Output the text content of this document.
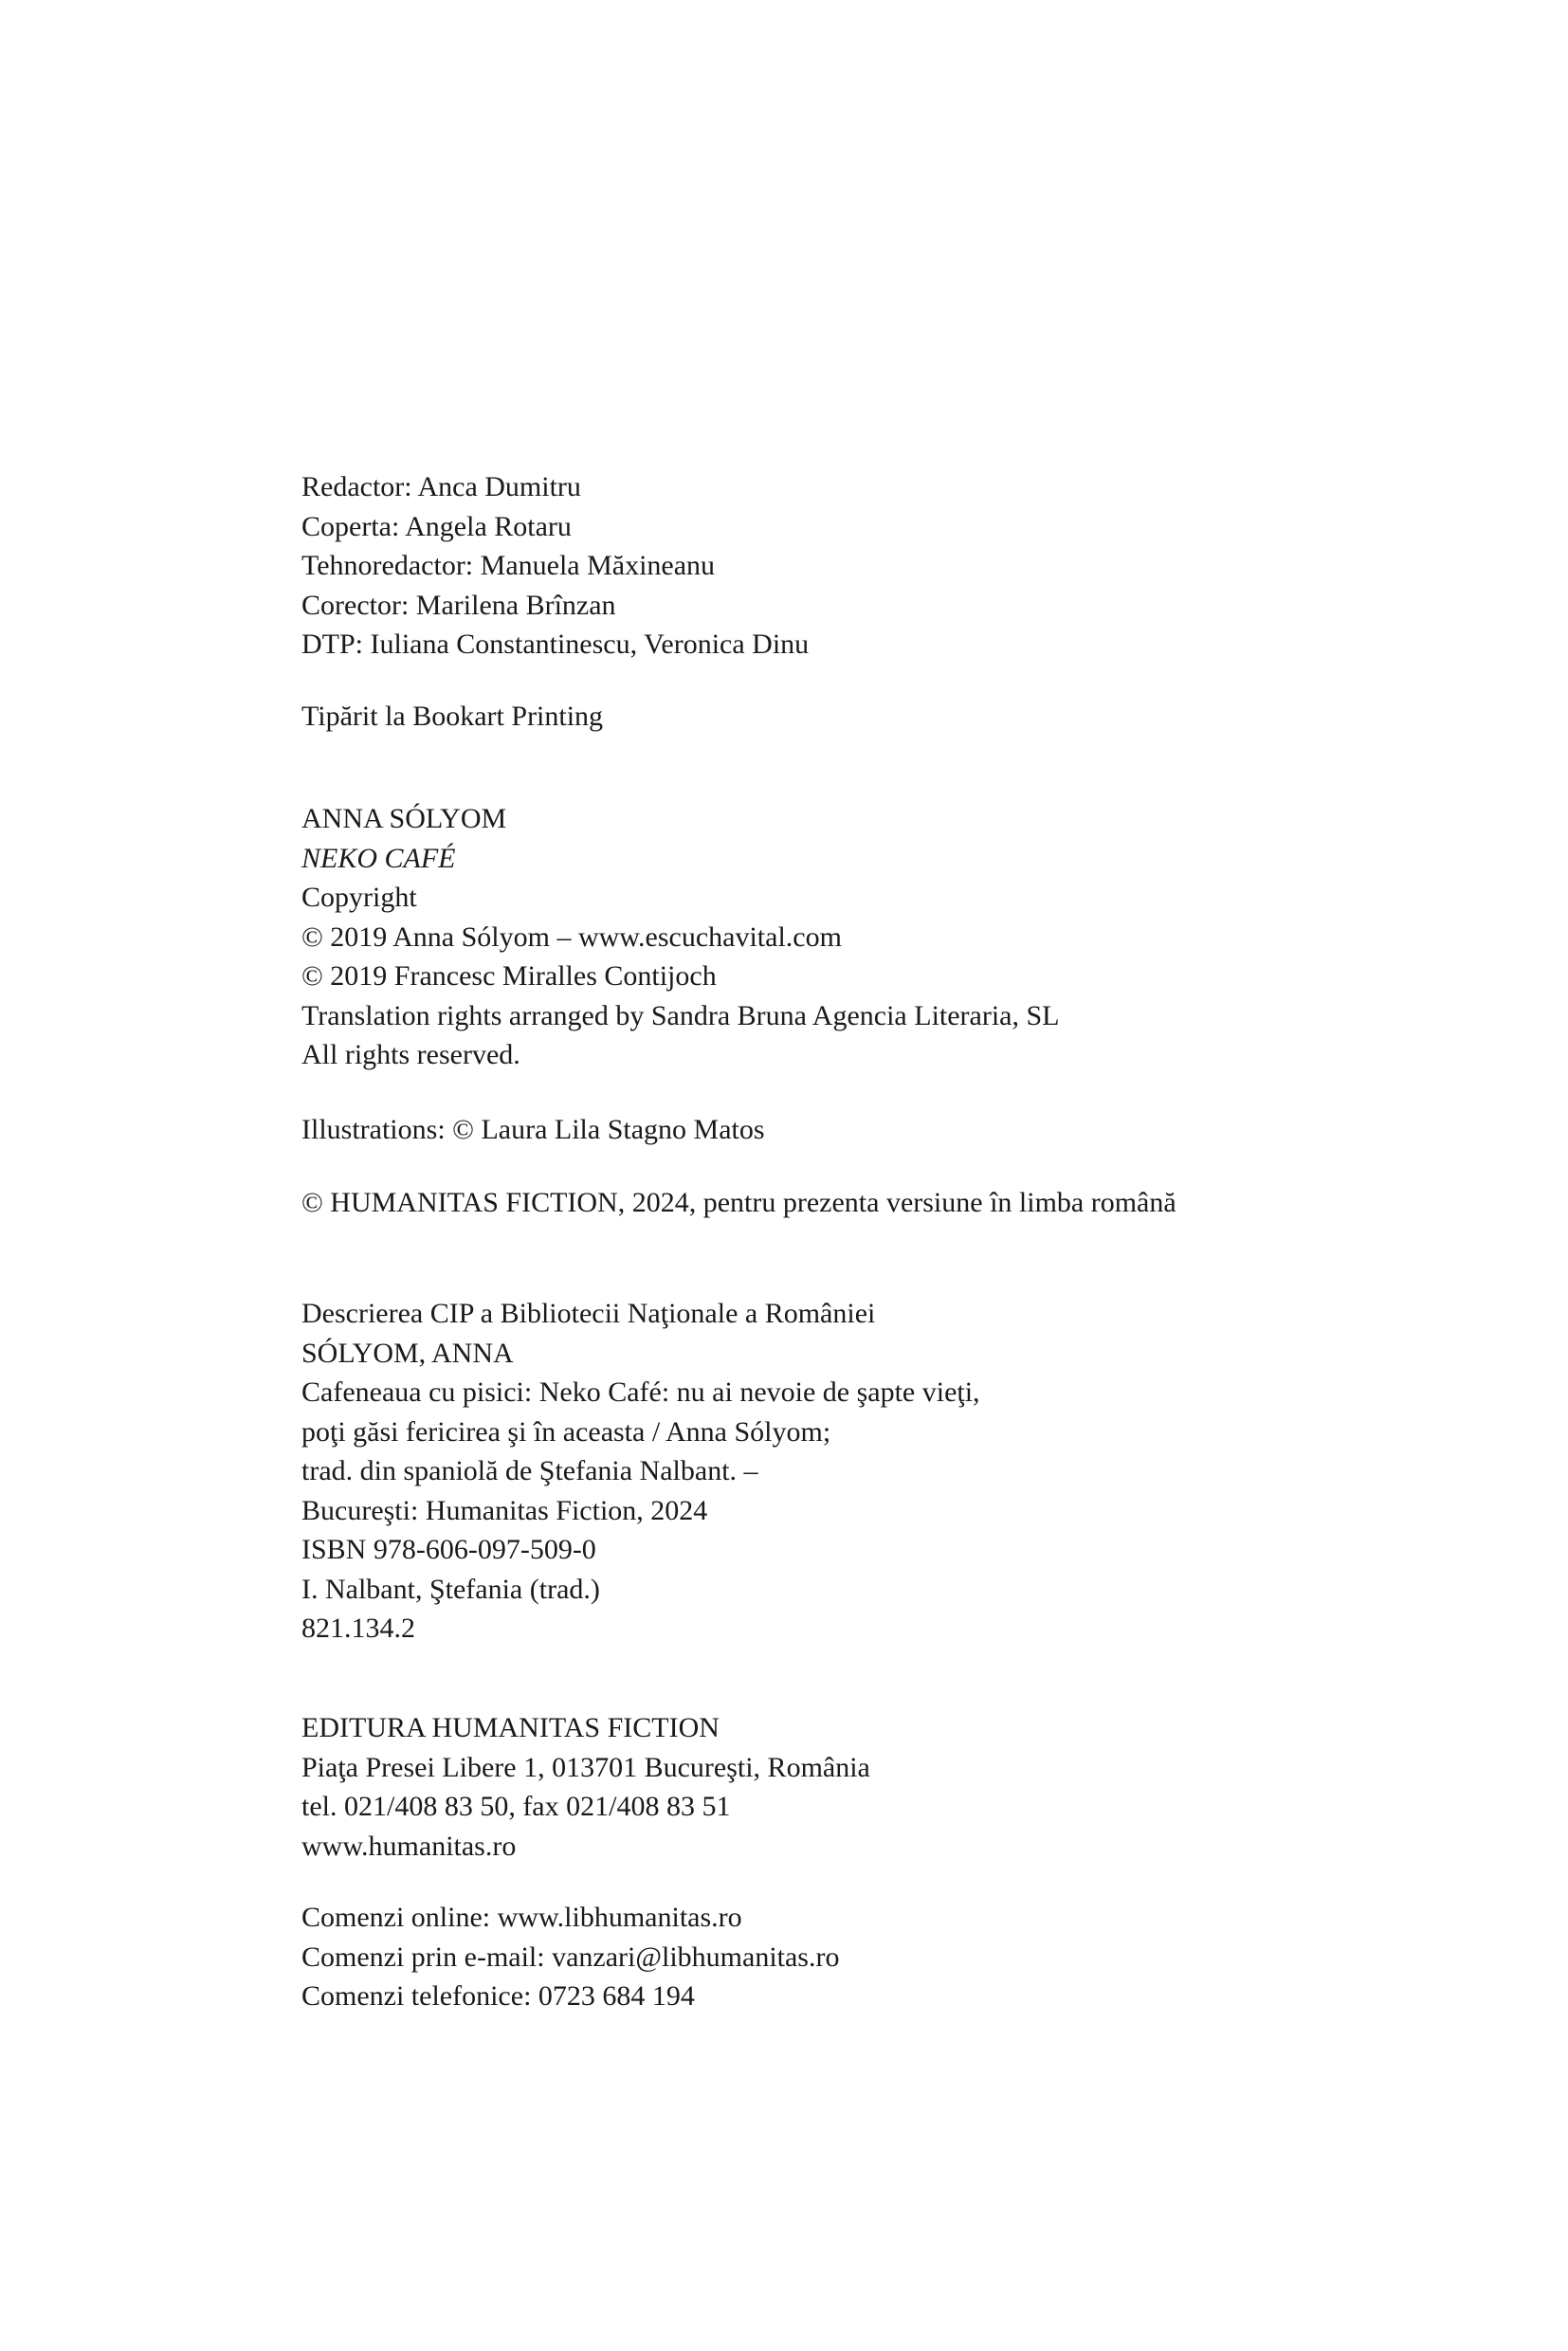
Redactor: Anca Dumitru
Coperta: Angela Rotaru
Tehnoredactor: Manuela Măxineanu
Corector: Marilena Brînzan
DTP: Iuliana Constantinescu, Veronica Dinu
Tipărit la Bookart Printing
ANNA SÓLYOM
NEKO CAFÉ
Copyright
© 2019 Anna Sólyom – www.escuchavital.com
© 2019 Francesc Miralles Contijoch
Translation rights arranged by Sandra Bruna Agencia Literaria, SL
All rights reserved.
Illustrations: © Laura Lila Stagno Matos
© HUMANITAS FICTION, 2024, pentru prezenta versiune în limba română
Descrierea CIP a Bibliotecii Naţionale a României
SÓLYOM, ANNA
Cafeneaua cu pisici: Neko Café: nu ai nevoie de şapte vieţi,
poţi găsi fericirea şi în aceasta / Anna Sólyom;
trad. din spaniolă de Ştefania Nalbant. –
Bucureşti: Humanitas Fiction, 2024
ISBN 978-606-097-509-0
I. Nalbant, Ştefania (trad.)
821.134.2
EDITURA HUMANITAS FICTION
Piaţa Presei Libere 1, 013701 Bucureşti, România
tel. 021/408 83 50, fax 021/408 83 51
www.humanitas.ro
Comenzi online: www.libhumanitas.ro
Comenzi prin e-mail: vanzari@libhumanitas.ro
Comenzi telefonice: 0723 684 194
